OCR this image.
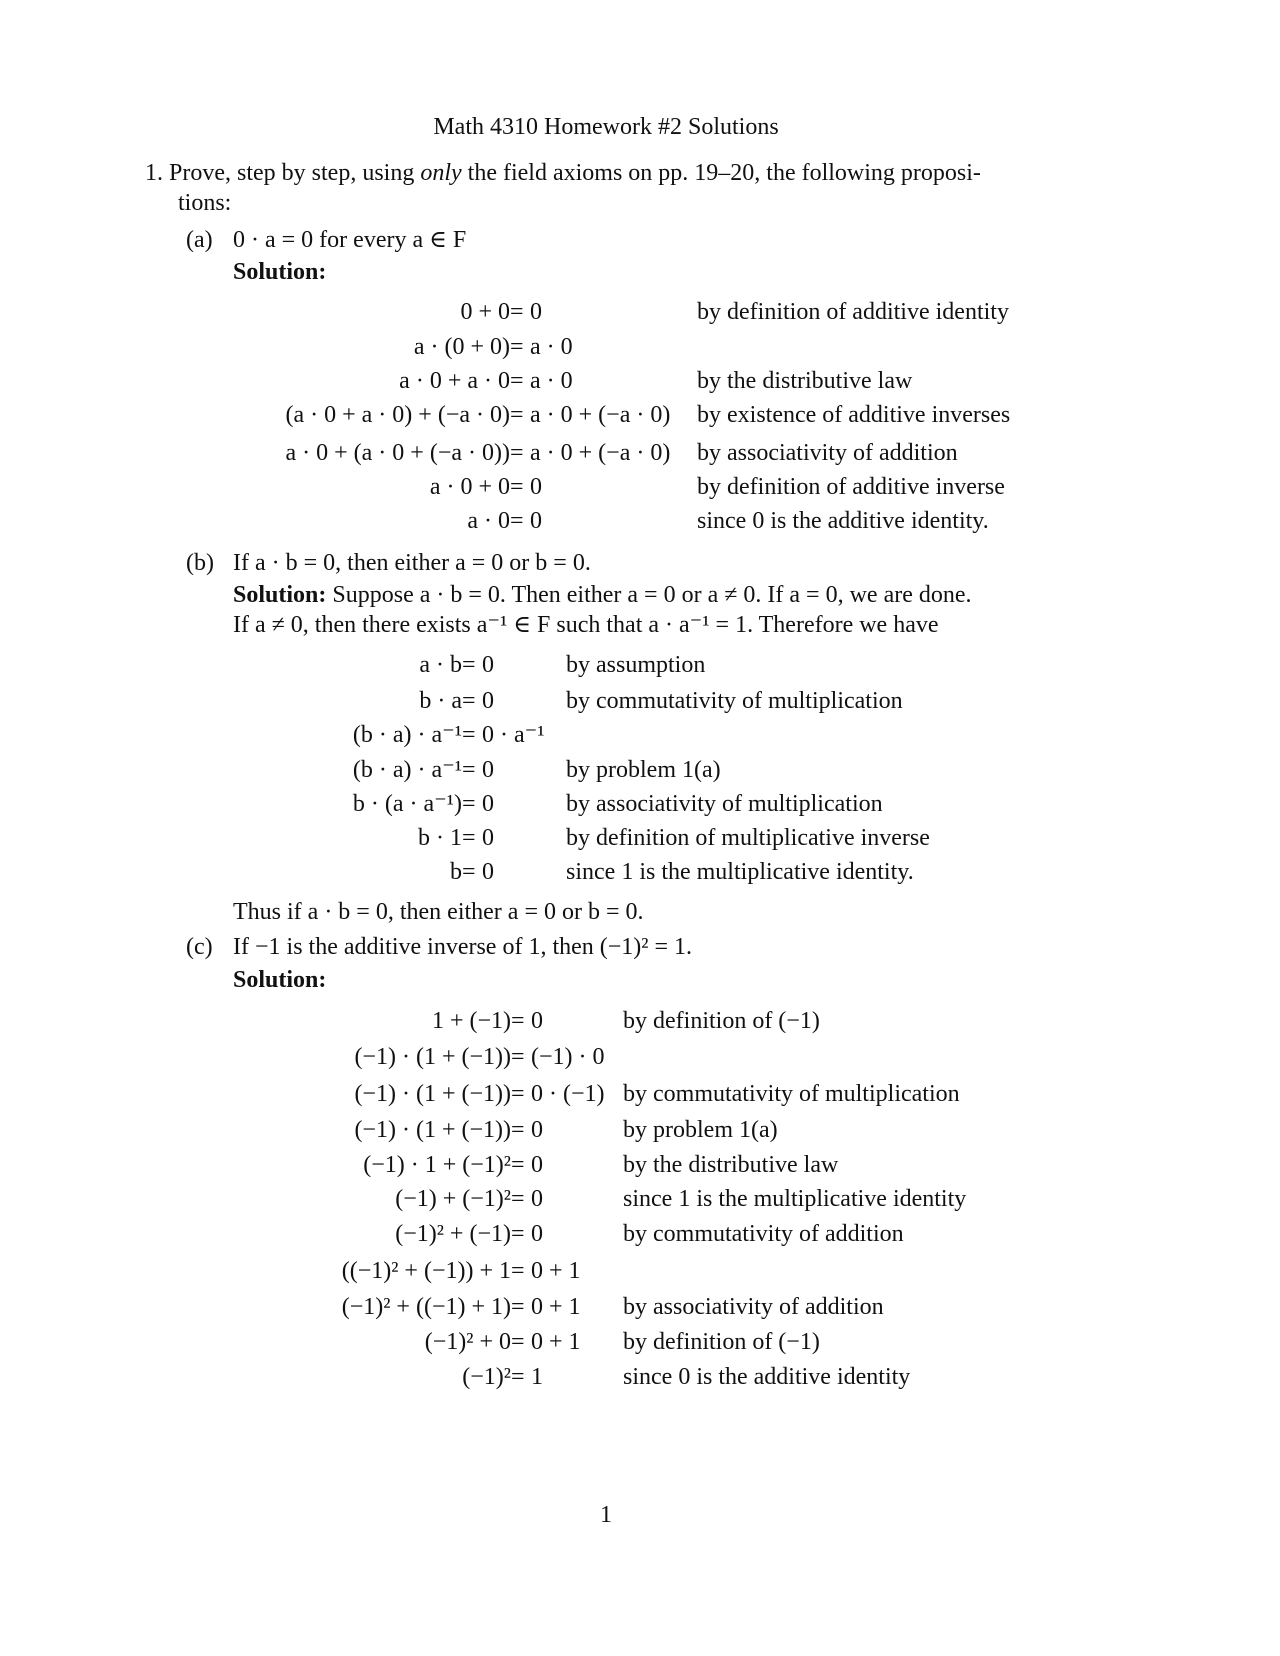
Math 4310 Homework #2 Solutions
1. Prove, step by step, using only the field axioms on pp. 19–20, the following proposi-
tions:
(a) 0 · a = 0 for every a ∈ F
Solution:
0 + 0 = 0	by definition of additive identity
a · (0 + 0) = a · 0
a · 0 + a · 0 = a · 0	by the distributive law
(a · 0 + a · 0) + (−a · 0) = a · 0 + (−a · 0) by existence of additive inverses
a · 0 + (a · 0 + (−a · 0)) = a · 0 + (−a · 0) by associativity of addition
a · 0 + 0 = 0	by definition of additive inverse
a · 0 = 0	since 0 is the additive identity.
(b) If a · b = 0, then either a = 0 or b = 0.
Solution: Suppose a · b = 0. Then either a = 0 or a ≠ 0. If a = 0, we are done.
If a ≠ 0, then there exists a⁻¹ ∈ F such that a · a⁻¹ = 1. Therefore we have
a · b = 0	by assumption
b · a = 0	by commutativity of multiplication
(b · a) · a⁻¹ = 0 · a⁻¹
(b · a) · a⁻¹ = 0	by problem 1(a)
b · (a · a⁻¹) = 0	by associativity of multiplication
b · 1 = 0	by definition of multiplicative inverse
b = 0	since 1 is the multiplicative identity.
Thus if a · b = 0, then either a = 0 or b = 0.
(c) If −1 is the additive inverse of 1, then (−1)² = 1.
Solution:
1 + (−1) = 0	by definition of (−1)
(−1) · (1 + (−1)) = (−1) · 0
(−1) · (1 + (−1)) = 0 · (−1) by commutativity of multiplication
(−1) · (1 + (−1)) = 0	by problem 1(a)
(−1) · 1 + (−1)² = 0	by the distributive law
(−1) + (−1)² = 0	since 1 is the multiplicative identity
(−1)² + (−1) = 0	by commutativity of addition
((−1)² + (−1)) + 1 = 0 + 1
(−1)² + ((−1) + 1) = 0 + 1 by associativity of addition
(−1)² + 0 = 0 + 1 by definition of (−1)
(−1)² = 1	since 0 is the additive identity
1
